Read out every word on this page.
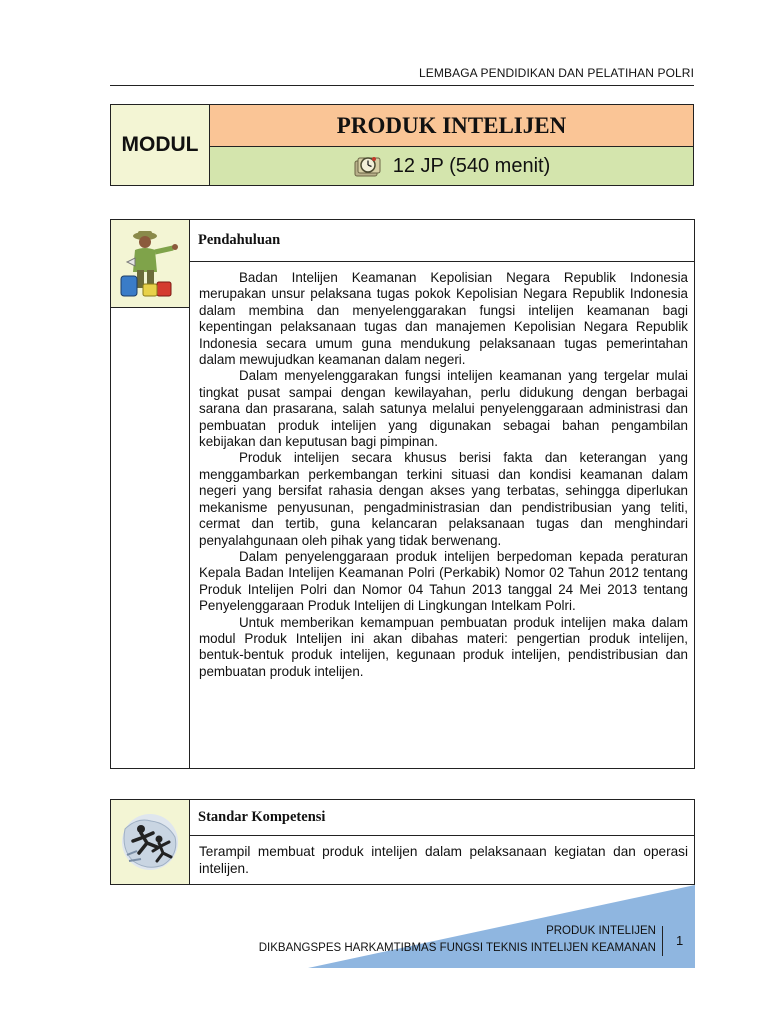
LEMBAGA PENDIDIKAN DAN PELATIHAN POLRI
MODUL
PRODUK INTELIJEN
12 JP (540 menit)
Pendahuluan

Badan Intelijen Keamanan Kepolisian Negara Republik Indonesia merupakan unsur pelaksana tugas pokok Kepolisian Negara Republik Indonesia dalam membina dan menyelenggarakan fungsi intelijen keamanan bagi kepentingan pelaksanaan tugas dan manajemen Kepolisian Negara Republik Indonesia secara umum guna mendukung pelaksanaan tugas pemerintahan dalam mewujudkan keamanan dalam negeri.

Dalam menyelenggarakan fungsi intelijen keamanan yang tergelar mulai tingkat pusat sampai dengan kewilayahan, perlu didukung dengan berbagai sarana dan prasarana, salah satunya melalui penyelenggaraan administrasi dan pembuatan produk intelijen yang digunakan sebagai bahan pengambilan kebijakan dan keputusan bagi pimpinan.

Produk intelijen secara khusus berisi fakta dan keterangan yang menggambarkan perkembangan terkini situasi dan kondisi keamanan dalam negeri yang bersifat rahasia dengan akses yang terbatas, sehingga diperlukan mekanisme penyusunan, pengadministrasian dan pendistribusian yang teliti, cermat dan tertib, guna kelancaran pelaksanaan tugas dan menghindari penyalahgunaan oleh pihak yang tidak berwenang.

Dalam penyelenggaraan produk intelijen berpedoman kepada peraturan Kepala Badan Intelijen Keamanan Polri (Perkabik) Nomor 02 Tahun 2012 tentang Produk Intelijen Polri dan Nomor 04 Tahun 2013 tanggal 24 Mei 2013 tentang Penyelenggaraan Produk Intelijen di Lingkungan Intelkam Polri.

Untuk memberikan kemampuan pembuatan produk intelijen maka dalam modul Produk Intelijen ini akan dibahas materi: pengertian produk intelijen, bentuk-bentuk produk intelijen, kegunaan produk intelijen, pendistribusian dan pembuatan produk intelijen.

Standar Kompetensi

Terampil membuat produk intelijen dalam pelaksanaan kegiatan dan operasi intelijen.

PRODUK INTELIJEN
DIKBANGSPES HARKAMTIBMAS FUNGSI TEKNIS INTELIJEN KEAMANAN 1
